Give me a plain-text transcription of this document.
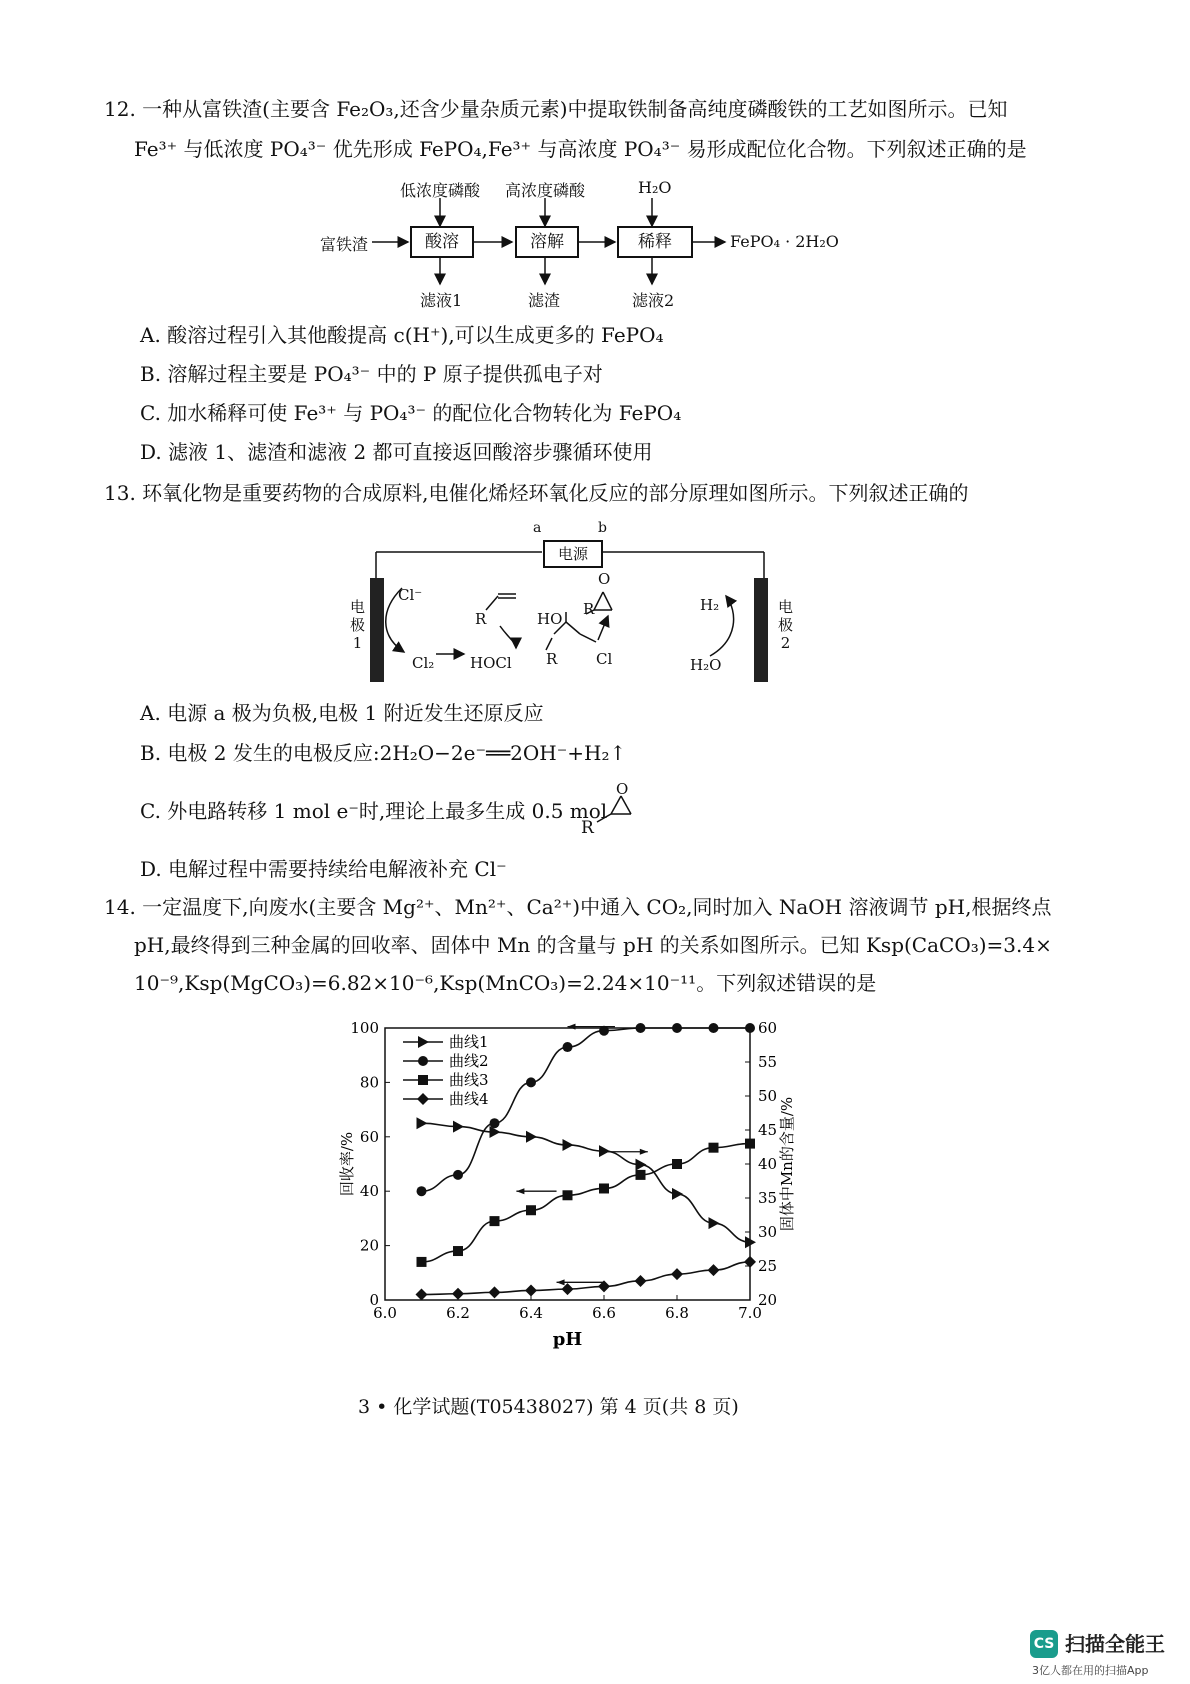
12. 一种从富铁渣(主要含 Fe₂O₃,还含少量杂质元素)中提取铁制备高纯度磷酸铁的工艺如图所示。已知
Fe³⁺ 与低浓度 PO₄³⁻ 优先形成 FePO₄,Fe³⁺ 与高浓度 PO₄³⁻ 易形成配位化合物。下列叙述正确的是
富铁渣	酸溶	溶解	稀释
低浓度磷酸 高浓度磷酸	H₂O
滤液1	滤渣	滤液2
FePO₄ · 2H₂O
A. 酸溶过程引入其他酸提高 c(H⁺),可以生成更多的 FePO₄
B. 溶解过程主要是 PO₄³⁻ 中的 P 原子提供孤电子对
C. 加水稀释可使 Fe³⁺ 与 PO₄³⁻ 的配位化合物转化为 FePO₄
D. 滤液 1、滤渣和滤液 2 都可直接返回酸溶步骤循环使用
13. 环氧化物是重要药物的合成原料,电催化烯烃环氧化反应的部分原理如图所示。下列叙述正确的
电源
a	b
电
极
1
电
极
2
Cl⁻
Cl₂ HOCl
R	HO
R	Cl
R
O
H₂
H₂O
A. 电源 a 极为负极,电极 1 附近发生还原反应
B. 电极 2 发生的电极反应:2H₂O−2e⁻══2OH⁻+H₂↑
C. 外电路转移 1 mol e⁻时,理论上最多生成 0.5 mol
R
O
D. 电解过程中需要持续给电解液补充 Cl⁻
14. 一定温度下,向废水(主要含 Mg²⁺、Mn²⁺、Ca²⁺)中通入 CO₂,同时加入 NaOH 溶液调节 pH,根据终点
pH,最终得到三种金属的回收率、固体中 Mn 的含量与 pH 的关系如图所示。已知 Ksp(CaCO₃)=3.4×
10⁻⁹,Ksp(MgCO₃)=6.82×10⁻⁶,Ksp(MnCO₃)=2.24×10⁻¹¹。下列叙述错误的是
6.0	6.2	6.4	6.6	6.8	7.0
0
20
40
60
80
100
20
25
30
35
40
45
50
55
60
pH
回收率/%	固体中Mn的含量/%
曲线1
曲线2
曲线3
曲线4
3 • 化学试题(T05438027) 第 4 页(共 8 页)
CS 扫描全能王
3亿人都在用的扫描App
